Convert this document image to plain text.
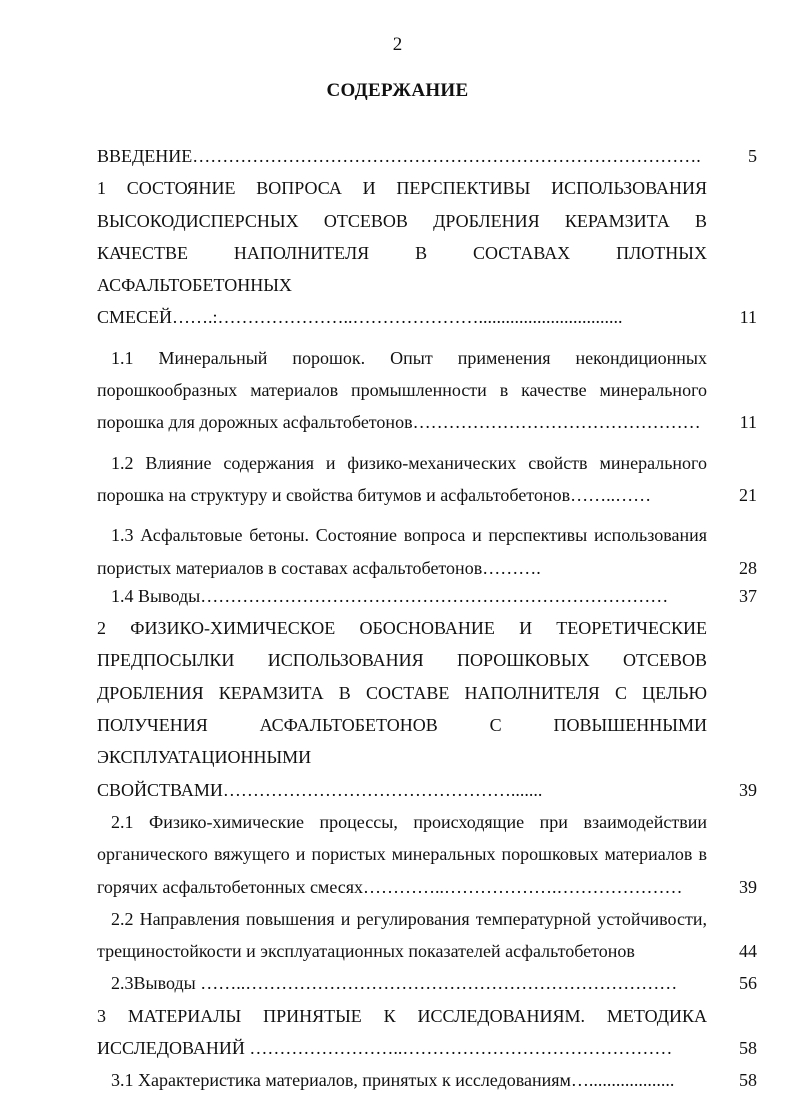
2
СОДЕРЖАНИЕ
ВВЕДЕНИЕ………………………………………………………………………….	5
1 СОСТОЯНИЕ ВОПРОСА И ПЕРСПЕКТИВЫ ИСПОЛЬЗОВАНИЯ ВЫСОКОДИСПЕРСНЫХ ОТСЕВОВ ДРОБЛЕНИЯ КЕРАМЗИТА В КАЧЕСТВЕ НАПОЛНИТЕЛЯ В СОСТАВАХ ПЛОТНЫХ АСФАЛЬТОБЕТОННЫХ СМЕСЕЙ…….:…………………..…………………................................	11
1.1 Минеральный порошок. Опыт применения некондиционных порошкообразных материалов промышленности в качестве минерального порошка для дорожных асфальтобетонов…………………………………………	11
1.2 Влияние содержания и физико-механических свойств минерального порошка на структуру и свойства битумов и асфальтобетонов……..……	21
1.3 Асфальтовые бетоны. Состояние вопроса и перспективы использования пористых материалов в составах асфальтобетонов……….	28
1.4 Выводы……………………………………………………………………	37
2 ФИЗИКО-ХИМИЧЕСКОЕ ОБОСНОВАНИЕ И ТЕОРЕТИЧЕСКИЕ ПРЕДПОСЫЛКИ ИСПОЛЬЗОВАНИЯ ПОРОШКОВЫХ ОТСЕВОВ ДРОБЛЕНИЯ КЕРАМЗИТА В СОСТАВЕ НАПОЛНИТЕЛЯ С ЦЕЛЬЮ ПОЛУЧЕНИЯ АСФАЛЬТОБЕТОНОВ С ПОВЫШЕННЫМИ ЭКСПЛУАТАЦИОННЫМИ СВОЙСТВАМИ………………………………………….......	39
2.1 Физико-химические процессы, происходящие при взаимодействии органического вяжущего и пористых минеральных порошковых материалов в горячих асфальтобетонных смесях…………..……………….…………………	39
2.2 Направления повышения и регулирования температурной устойчивости, трещиностойкости и эксплуатационных показателей асфальтобетонов	44
2.3Выводы ……..………………………………………………………………	56
3 МАТЕРИАЛЫ ПРИНЯТЫЕ К ИССЛЕДОВАНИЯМ. МЕТОДИКА ИССЛЕДОВАНИЙ ……………………..………………………………………	58
3.1 Характеристика материалов, принятых к исследованиям…...................	58
